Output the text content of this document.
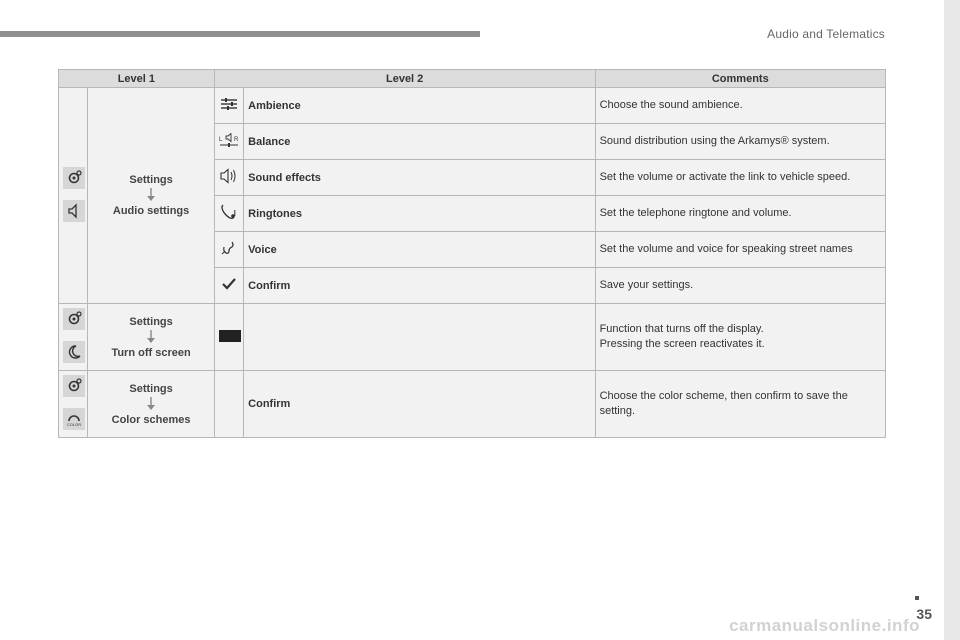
Audio and Telematics
Level 1		Level 2		Comments

	Settings
Audio settings		Ambience	Choose the sound ambience.

L R	Balance	Sound distribution using the Arkamys® system.
	Sound effects	Set the volume or activate the link to vehicle speed.
	Ringtones	Set the telephone ringtone and volume.
	Voice	Set the volume and voice for speaking street names
	Confirm	Save your settings.

	Settings
Turn off screen			Function that turns off the display.
Pressing the screen reactivates it.

COLOR	Settings
Color schemes		Confirm	Choose the color scheme, then confirm to save the setting.
35
carmanualsonline.info
